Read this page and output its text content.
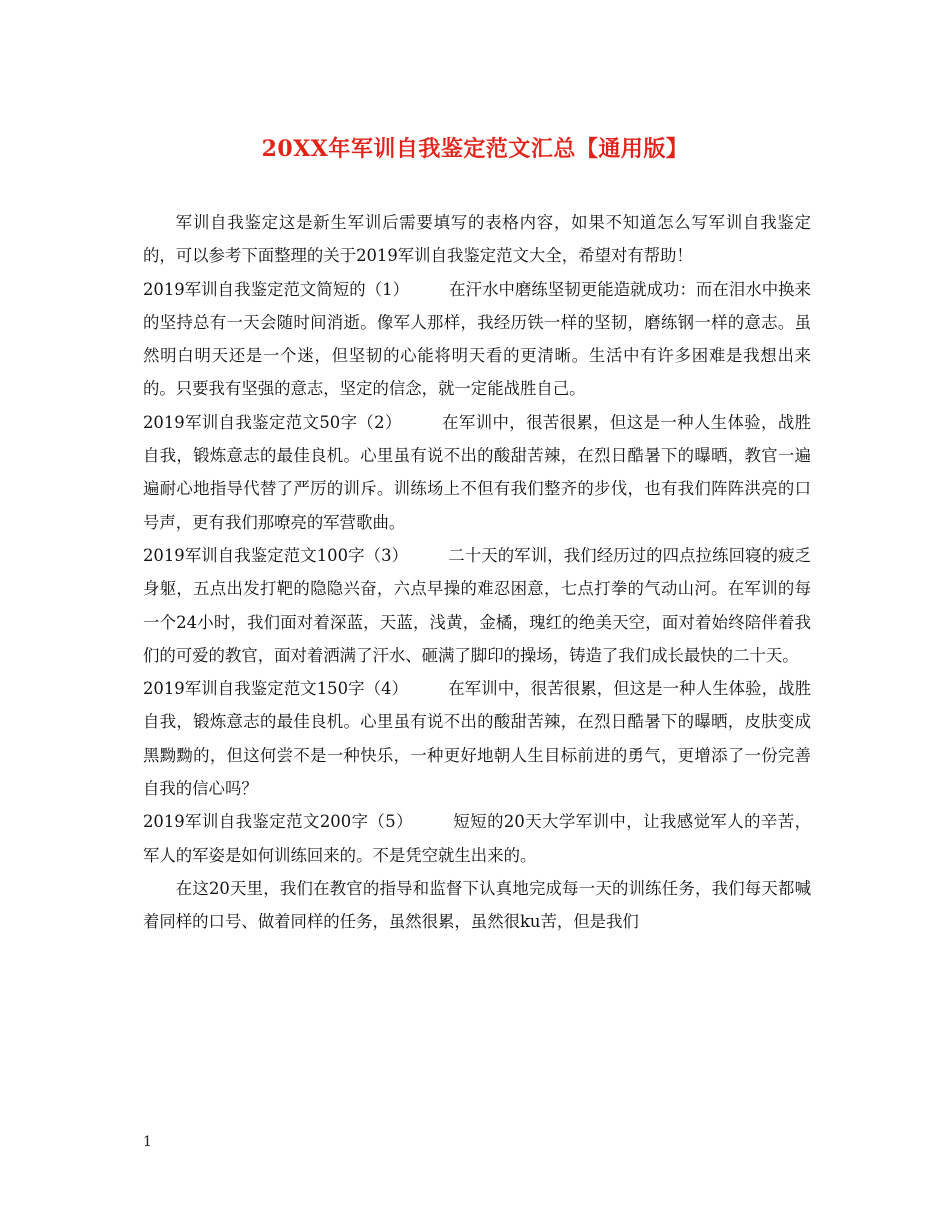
20XX年军训自我鉴定范文汇总【通用版】

军训自我鉴定这是新生军训后需要填写的表格内容，如果不知道怎么写军训自我鉴定的，可以参考下面整理的关于2019军训自我鉴定范文大全，希望对有帮助！

2019军训自我鉴定范文简短的（1） 在汗水中磨练坚韧更能造就成功：而在泪水中换来的坚持总有一天会随时间消逝。像军人那样，我经历铁一样的坚韧，磨练钢一样的意志。虽然明白明天还是一个迷，但坚韧的心能将明天看的更清晰。生活中有许多困难是我想出来的。只要我有坚强的意志，坚定的信念，就一定能战胜自己。

2019军训自我鉴定范文50字（2） 在军训中，很苦很累，但这是一种人生体验，战胜自我，锻炼意志的最佳良机。心里虽有说不出的酸甜苦辣，在烈日酷暑下的曝晒，教官一遍遍耐心地指导代替了严厉的训斥。训练场上不但有我们整齐的步伐，也有我们阵阵洪亮的口号声，更有我们那嘹亮的军营歌曲。

2019军训自我鉴定范文100字（3） 二十天的军训，我们经历过的四点拉练回寝的疲乏身躯，五点出发打靶的隐隐兴奋，六点早操的难忍困意，七点打拳的气动山河。在军训的每一个24小时，我们面对着深蓝，天蓝，浅黄，金橘，瑰红的绝美天空，面对着始终陪伴着我们的可爱的教官，面对着洒满了汗水、砸满了脚印的操场，铸造了我们成长最快的二十天。

2019军训自我鉴定范文150字（4） 在军训中，很苦很累，但这是一种人生体验，战胜自我，锻炼意志的最佳良机。心里虽有说不出的酸甜苦辣，在烈日酷暑下的曝晒，皮肤变成黑黝黝的，但这何尝不是一种快乐，一种更好地朝人生目标前进的勇气，更增添了一份完善自我的信心吗？

2019军训自我鉴定范文200字（5） 短短的20天大学军训中，让我感觉军人的辛苦，军人的军姿是如何训练回来的。不是凭空就生出来的。

在这20天里，我们在教官的指导和监督下认真地完成每一天的训练任务，我们每天都喊着同样的口号、做着同样的任务，虽然很累，虽然很ku苦，但是我们

1
